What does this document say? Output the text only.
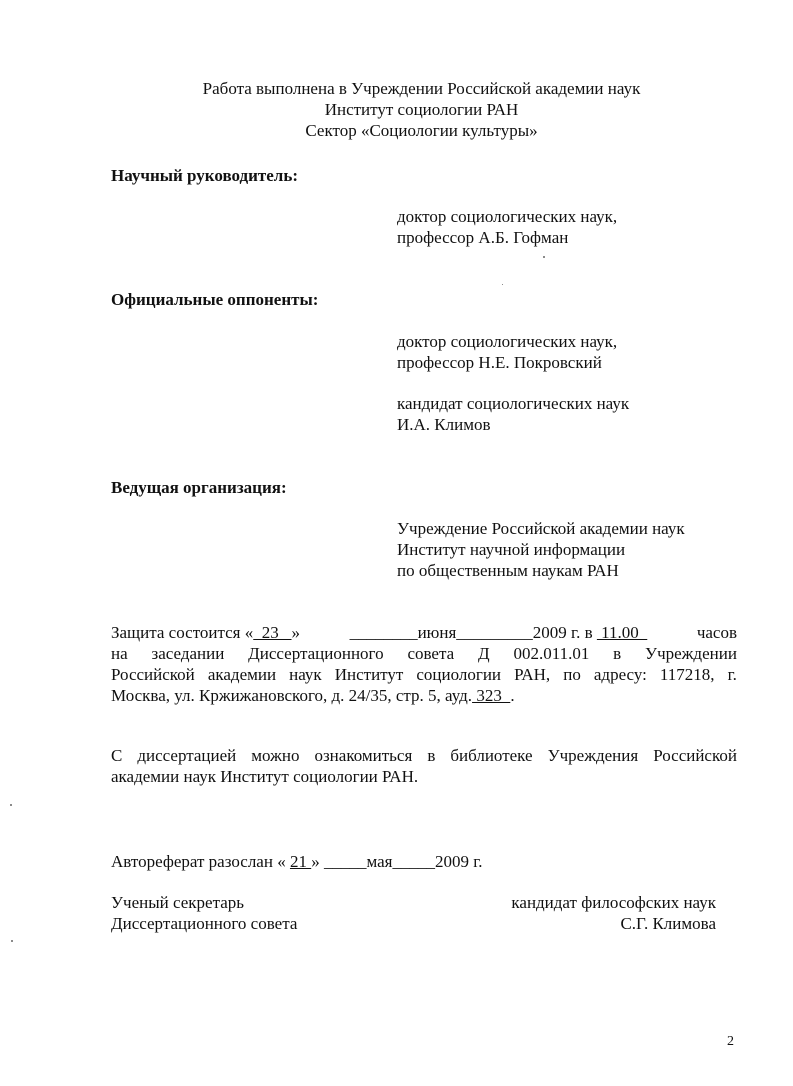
Работа выполнена в Учреждении Российской академии наук
Институт социологии РАН
Сектор «Социологии культуры»
Научный руководитель:
доктор социологических наук,
профессор А.Б. Гофман
Официальные оппоненты:
доктор социологических наук,
профессор Н.Е. Покровский
кандидат социологических наук
И.А. Климов
Ведущая организация:
Учреждение Российской академии наук
Институт научной информации
по общественным наукам РАН
Защита состоится «  23   »	________июня_________2009 г. в  11.00	часов
на заседании Диссертационного совета Д 002.011.01 в Учреждении
Российской академии наук Институт социологии РАН, по адресу: 117218, г.
Москва, ул. Кржижановского, д. 24/35, стр. 5, ауд. 323  .
С диссертацией можно ознакомиться в библиотеке Учреждения Российской
академии наук Институт социологии РАН.
Автореферат разослан « 21 » _____мая_____2009 г.
Ученый секретарь
Диссертационного совета
кандидат философских наук
С.Г. Климова
2
